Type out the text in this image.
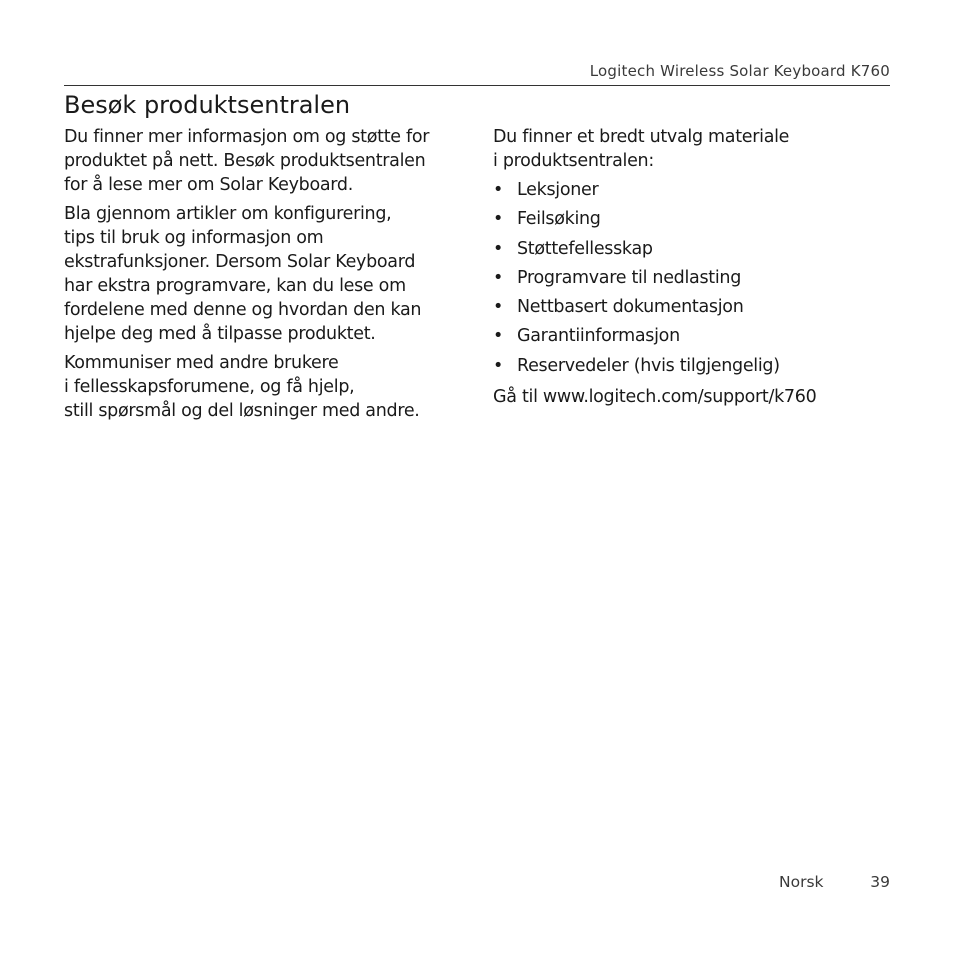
Logitech Wireless Solar Keyboard K760
Besøk produktsentralen

Du finner mer informasjon om og støtte for
produktet på nett. Besøk produktsentralen
for å lese mer om Solar Keyboard.

Bla gjennom artikler om konfigurering,
tips til bruk og informasjon om
ekstrafunksjoner. Dersom Solar Keyboard
har ekstra programvare, kan du lese om
fordelene med denne og hvordan den kan
hjelpe deg med å tilpasse produktet.

Kommuniser med andre brukere
i fellesskapsforumene, og få hjelp,
still spørsmål og del løsninger med andre.

Du finner et bredt utvalg materiale
i produktsentralen:

• Leksjoner
• Feilsøking
• Støttefellesskap
• Programvare til nedlasting
• Nettbasert dokumentasjon
• Garantiinformasjon
• Reservedeler (hvis tilgjengelig)

Gå til www.logitech.com/support/k760

Norsk	39
